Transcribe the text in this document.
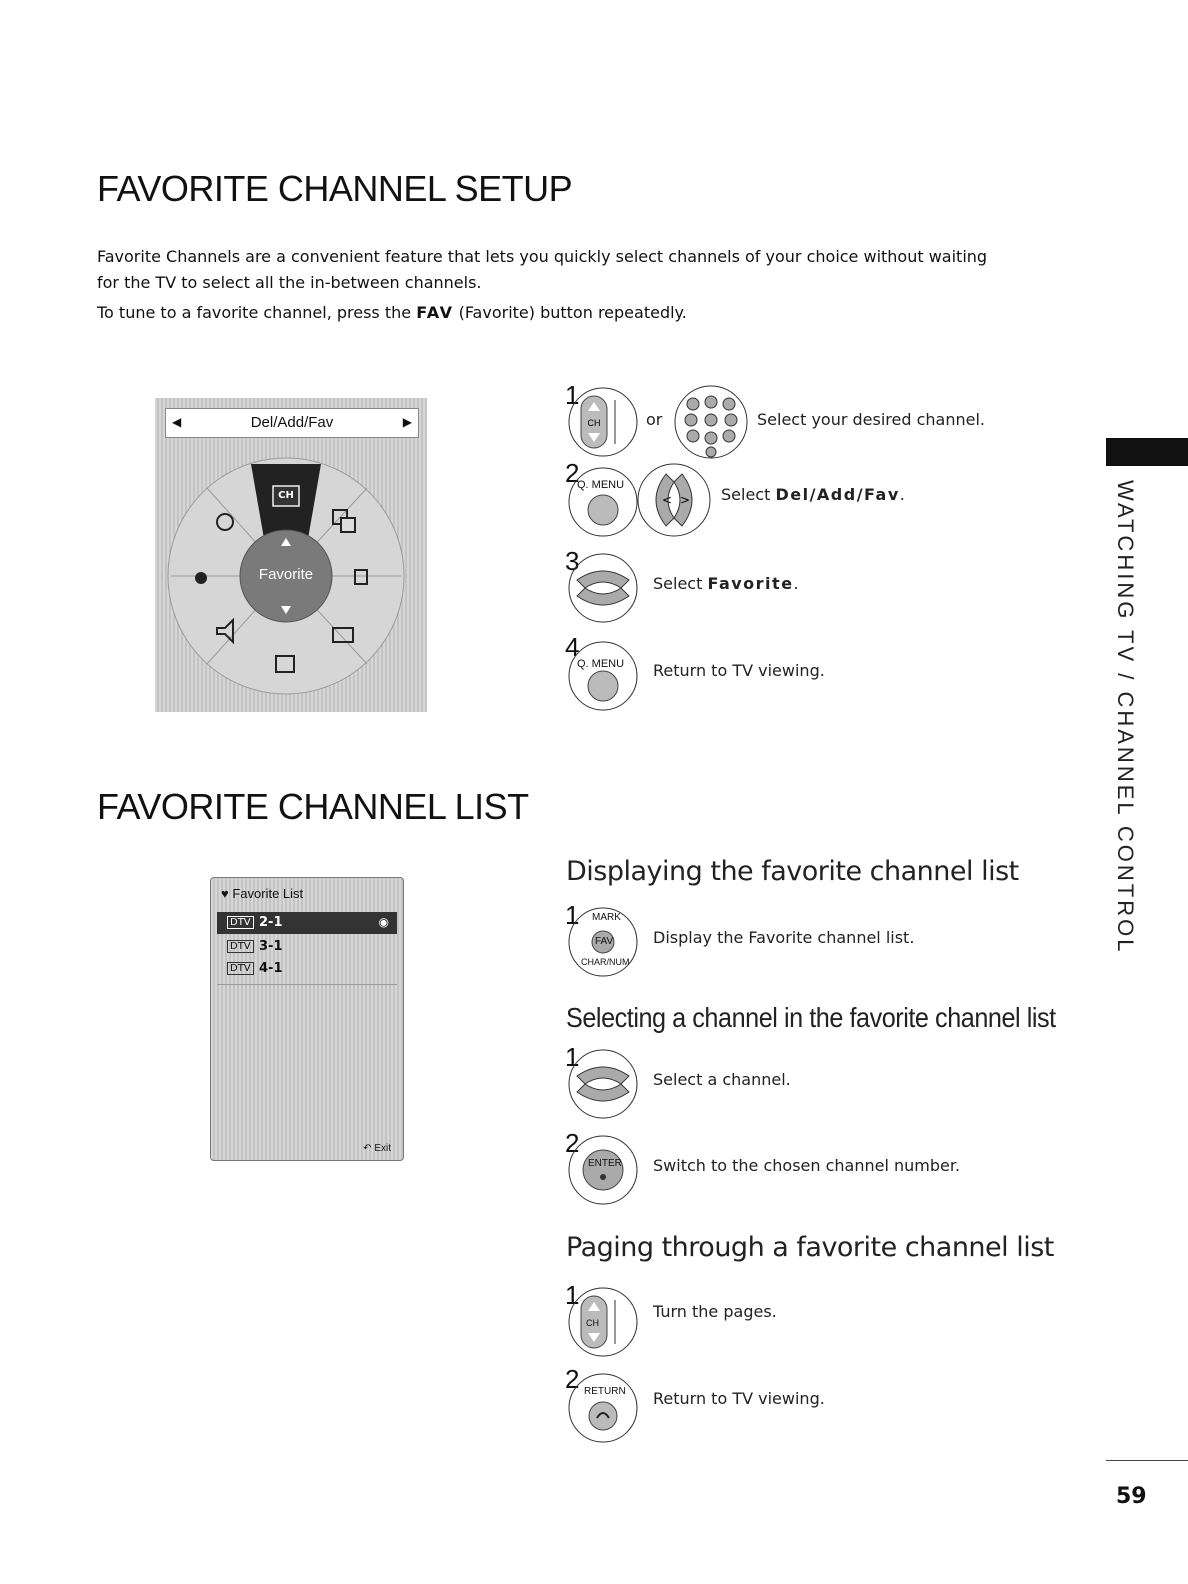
FAVORITE CHANNEL SETUP
Favorite Channels are a convenient feature that lets you quickly select channels of your choice without waiting
for the TV to select all the in-between channels.
To tune to a favorite channel, press the FAV (Favorite) button repeatedly.
◀	Del/Add/Fav	▶
Favorite
CH
1
CH	or	Select your desired channel.
2
Q. MENU
< > Select Del/Add/Fav.
3
Select Favorite.
4
Q. MENU Return to TV viewing.
FAVORITE CHANNEL LIST
♥ Favorite List
DTV 2-1	◉
DTV 3-1
DTV 4-1
↶ Exit
Displaying the favorite channel list
1 MARK
FAV
CHAR/NUM
Display the Favorite channel list.
Selecting a channel in the favorite channel list
1
Select a channel.
2
ENTER Switch to the chosen channel number.
Paging through a favorite channel list
1
CH
Turn the pages.
2 RETURN Return to TV viewing.
WATCHING TV / CHANNEL CONTROL
59
